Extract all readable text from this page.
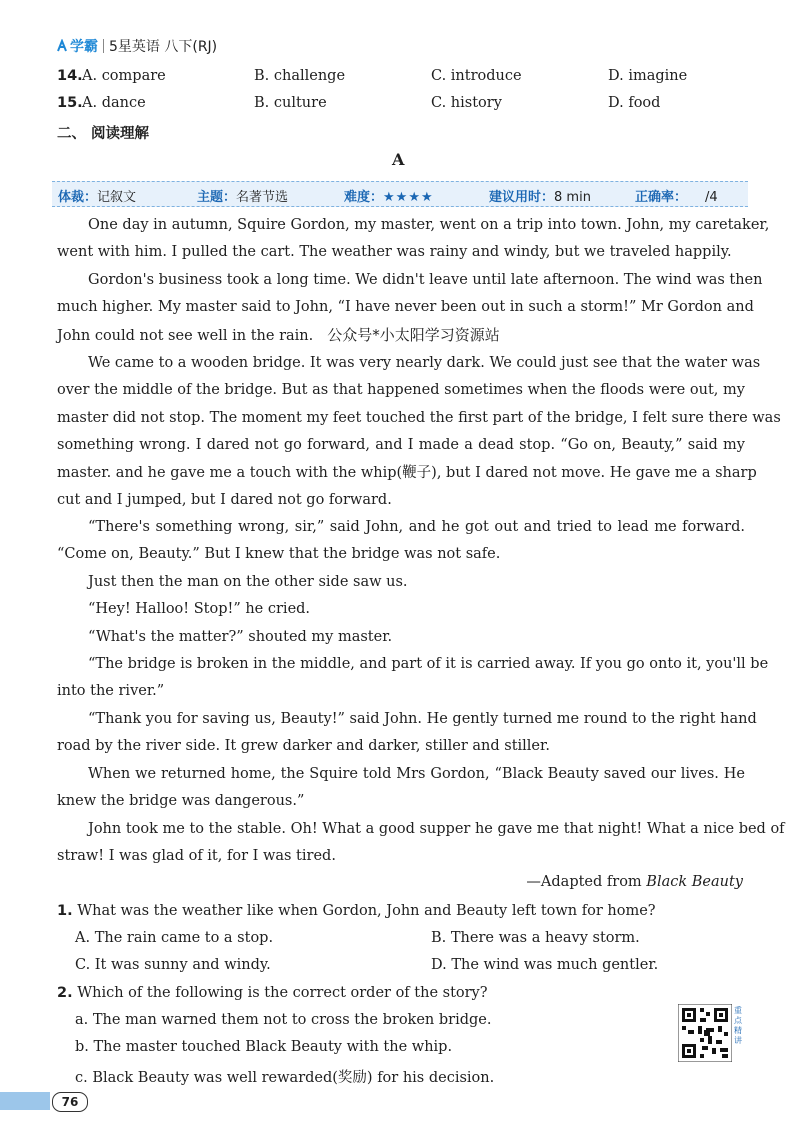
学霸 5星英语 八下(RJ)
14. A. compare	B. challenge	C. introduce	D. imagine
15. A. dance	B. culture	C. history	D. food
二、 阅读理解
A
体裁：记叙文	主题：名著节选	难度：★★★★	建议用时：8 min	正确率： /4
One day in autumn, Squire Gordon, my master, went on a trip into town. John, my caretaker,
went with him. I pulled the cart. The weather was rainy and windy, but we traveled happily.
Gordon's business took a long time. We didn't leave until late afternoon. The wind was then
much higher. My master said to John, “I have never been out in such a storm!” Mr Gordon and
John could not see well in the rain. 公众号*小太阳学习资源站
We came to a wooden bridge. It was very nearly dark. We could just see that the water was
over the middle of the bridge. But as that happened sometimes when the floods were out, my
master did not stop. The moment my feet touched the first part of the bridge, I felt sure there was
something wrong. I dared not go forward, and I made a dead stop. “Go on, Beauty,” said my
master. and he gave me a touch with the whip(鞭子), but I dared not move. He gave me a sharp
cut and I jumped, but I dared not go forward.
“There's something wrong, sir,” said John, and he got out and tried to lead me forward.
“Come on, Beauty.” But I knew that the bridge was not safe.
Just then the man on the other side saw us.
“Hey! Halloo! Stop!” he cried.
“What's the matter?” shouted my master.
“The bridge is broken in the middle, and part of it is carried away. If you go onto it, you'll be
into the river.”
“Thank you for saving us, Beauty!” said John. He gently turned me round to the right hand
road by the river side. It grew darker and darker, stiller and stiller.
When we returned home, the Squire told Mrs Gordon, “Black Beauty saved our lives. He
knew the bridge was dangerous.”
John took me to the stable. Oh! What a good supper he gave me that night! What a nice bed of
straw! I was glad of it, for I was tired.
—Adapted from Black Beauty
1. What was the weather like when Gordon, John and Beauty left town for home?
A. The rain came to a stop.	B. There was a heavy storm.
C. It was sunny and windy.	D. The wind was much gentler.
2. Which of the following is the correct order of the story?
a. The man warned them not to cross the broken bridge.
b. The master touched Black Beauty with the whip.
c. Black Beauty was well rewarded(奖励) for his decision.
重点精讲
76
